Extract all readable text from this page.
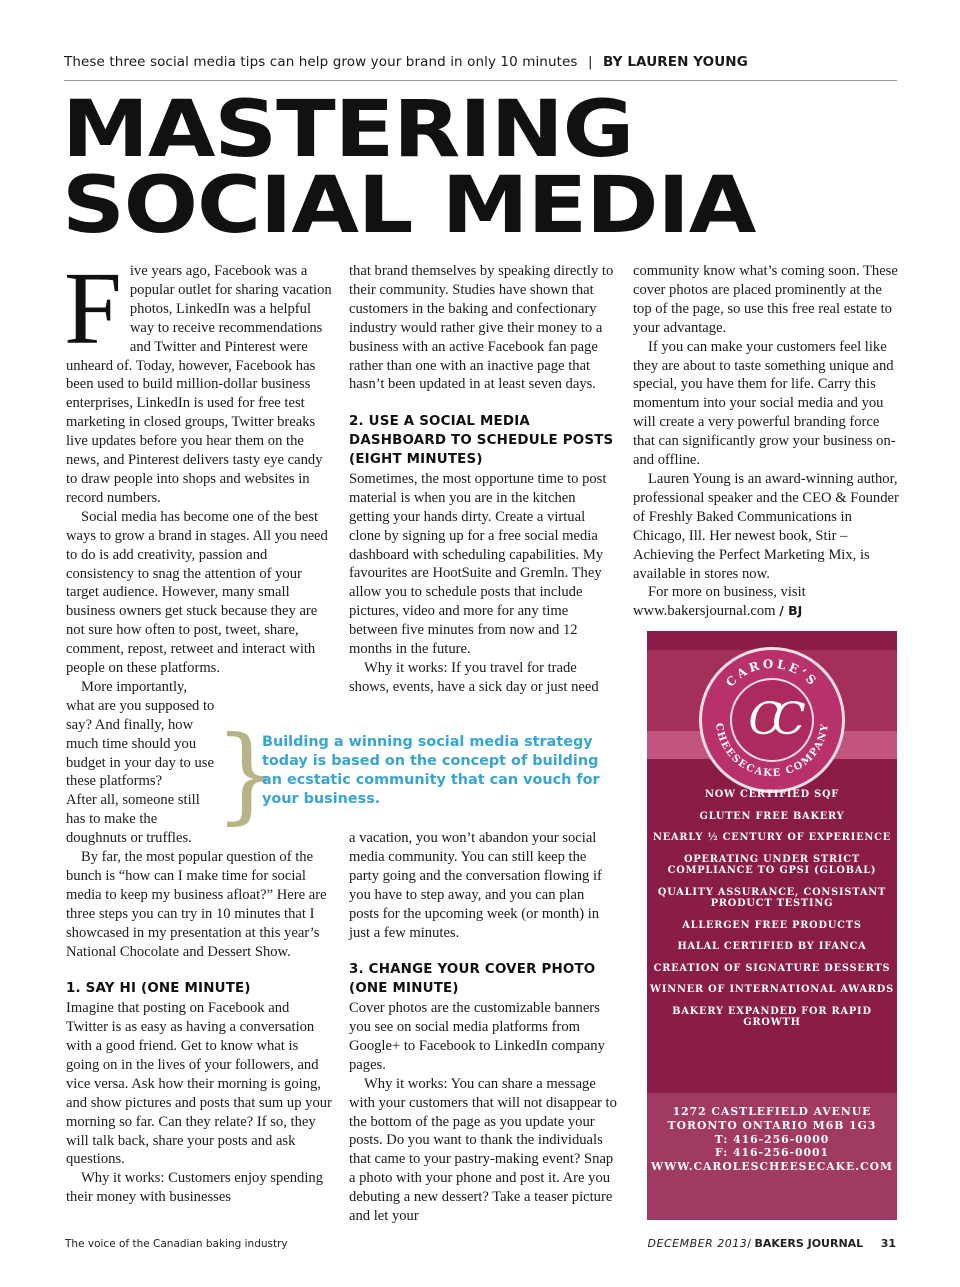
These three social media tips can help grow your brand in only 10 minutes | BY LAUREN YOUNG
MASTERING
SOCIAL MEDIA

Five years ago, Facebook was a popular outlet for sharing vacation photos, LinkedIn was a helpful way to receive recommendations and Twitter and Pinterest were unheard of. Today, however, Facebook has been used to build million-dollar business enterprises, LinkedIn is used for free test marketing in closed groups, Twitter breaks live updates before you hear them on the news, and Pinterest delivers tasty eye candy to draw people into shops and websites in record numbers.

Social media has become one of the best ways to grow a brand in stages. All you need to do is add creativity, passion and consistency to snag the attention of your target audience. However, many small business owners get stuck because they are not sure how often to post, tweet, share, comment, repost, retweet and interact with people on these platforms.

More importantly, what are you supposed to say? And finally, how much time should you budget in your day to use these platforms?

After all, someone still has to make the doughnuts or truffles.

By far, the most popular question of the bunch is “how can I make time for social media to keep my business afloat?” Here are three steps you can try in 10 minutes that I showcased in my presentation at this year’s National Chocolate and Dessert Show.

1. SAY HI (ONE MINUTE)

Imagine that posting on Facebook and Twitter is as easy as having a conversation with a good friend. Get to know what is going on in the lives of your followers, and vice versa. Ask how their morning is going, and show pictures and posts that sum up your morning so far. Can they relate? If so, they will talk back, share your posts and ask questions.

Why it works: Customers enjoy spending their money with businesses

that brand themselves by speaking directly to their community. Studies have shown that customers in the baking and confectionary industry would rather give their money to a business with an active Facebook fan page rather than one with an inactive page that hasn’t been updated in at least seven days.

2. USE A SOCIAL MEDIA DASHBOARD TO SCHEDULE POSTS (EIGHT MINUTES)

Sometimes, the most opportune time to post material is when you are in the kitchen getting your hands dirty. Create a virtual clone by signing up for a free social media dashboard with scheduling capabilities. My favourites are HootSuite and Gremln. They allow you to schedule posts that include pictures, video and more for any time between five minutes from now and 12 months in the future.

Why it works: If you travel for trade shows, events, have a sick day or just need

a vacation, you won’t abandon your social media community. You can still keep the party going and the conversation flowing if you have to step away, and you can plan posts for the upcoming week (or month) in just a few minutes.

3. CHANGE YOUR COVER PHOTO (ONE MINUTE)

Cover photos are the customizable banners you see on social media platforms from Google+ to Facebook to LinkedIn company pages.

Why it works: You can share a message with your customers that will not disappear to the bottom of the page as you update your posts. Do you want to thank the individuals that came to your pastry-making event? Snap a photo with your phone and post it. Are you debuting a new dessert? Take a teaser picture and let your

}
Building a winning social media strategy today is based on the concept of building an ecstatic community that can vouch for your business.

community know what’s coming soon. These cover photos are placed prominently at the top of the page, so use this free real estate to your advantage.

If you can make your customers feel like they are about to taste something unique and special, you have them for life. Carry this momentum into your social media and you will create a very powerful branding force that can significantly grow your business on- and offline.

Lauren Young is an award-winning author, professional speaker and the CEO & Founder of Freshly Baked Communications in Chicago, Ill. Her newest book, Stir – Achieving the Perfect Marketing Mix, is available in stores now.

For more on business, visit www.bakersjournal.com / BJ

CAROLE’S
CHEESECAKE COMPANY
CC
NOW CERTIFIED SQF
GLUTEN FREE BAKERY
NEARLY ½ CENTURY OF EXPERIENCE
OPERATING UNDER STRICT COMPLIANCE TO GPSI (GLOBAL)
QUALITY ASSURANCE, CONSISTANT PRODUCT TESTING
ALLERGEN FREE PRODUCTS
HALAL CERTIFIED BY IFANCA
CREATION OF SIGNATURE DESSERTS
WINNER OF INTERNATIONAL AWARDS
BAKERY EXPANDED FOR RAPID GROWTH
1272 CASTLEFIELD AVENUE
TORONTO ONTARIO M6B 1G3
T: 416-256-0000
F: 416-256-0001
WWW.CAROLESCHEESECAKE.COM
The voice of the Canadian baking industry	DECEMBER 2013/ BAKERS JOURNAL 31
